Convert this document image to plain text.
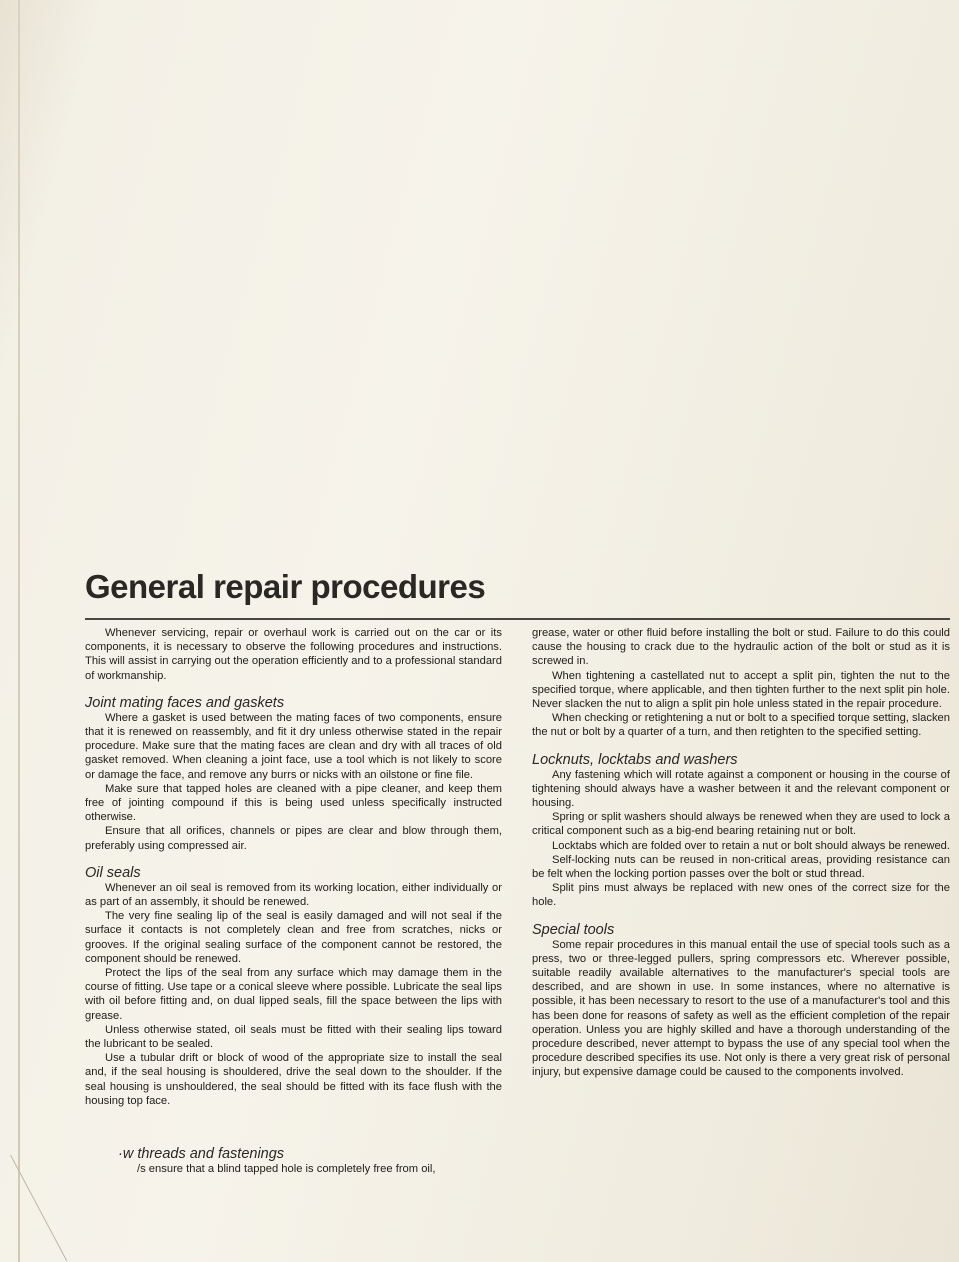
General repair procedures

Whenever servicing, repair or overhaul work is carried out on the car or its components, it is necessary to observe the following procedures and instructions. This will assist in carrying out the operation efficiently and to a professional standard of workmanship.

Joint mating faces and gaskets

Where a gasket is used between the mating faces of two components, ensure that it is renewed on reassembly, and fit it dry unless otherwise stated in the repair procedure. Make sure that the mating faces are clean and dry with all traces of old gasket removed. When cleaning a joint face, use a tool which is not likely to score or damage the face, and remove any burrs or nicks with an oilstone or fine file.

Make sure that tapped holes are cleaned with a pipe cleaner, and keep them free of jointing compound if this is being used unless specifically instructed otherwise.

Ensure that all orifices, channels or pipes are clear and blow through them, preferably using compressed air.

Oil seals

Whenever an oil seal is removed from its working location, either individually or as part of an assembly, it should be renewed.

The very fine sealing lip of the seal is easily damaged and will not seal if the surface it contacts is not completely clean and free from scratches, nicks or grooves. If the original sealing surface of the component cannot be restored, the component should be renewed.

Protect the lips of the seal from any surface which may damage them in the course of fitting. Use tape or a conical sleeve where possible. Lubricate the seal lips with oil before fitting and, on dual lipped seals, fill the space between the lips with grease.

Unless otherwise stated, oil seals must be fitted with their sealing lips toward the lubricant to be sealed.

Use a tubular drift or block of wood of the appropriate size to install the seal and, if the seal housing is shouldered, drive the seal down to the shoulder. If the seal housing is unshouldered, the seal should be fitted with its face flush with the housing top face.

·w threads and fastenings

/s ensure that a blind tapped hole is completely free from oil,

grease, water or other fluid before installing the bolt or stud. Failure to do this could cause the housing to crack due to the hydraulic action of the bolt or stud as it is screwed in.

When tightening a castellated nut to accept a split pin, tighten the nut to the specified torque, where applicable, and then tighten further to the next split pin hole. Never slacken the nut to align a split pin hole unless stated in the repair procedure.

When checking or retightening a nut or bolt to a specified torque setting, slacken the nut or bolt by a quarter of a turn, and then retighten to the specified setting.

Locknuts, locktabs and washers

Any fastening which will rotate against a component or housing in the course of tightening should always have a washer between it and the relevant component or housing.

Spring or split washers should always be renewed when they are used to lock a critical component such as a big-end bearing retaining nut or bolt.

Locktabs which are folded over to retain a nut or bolt should always be renewed.

Self-locking nuts can be reused in non-critical areas, providing resistance can be felt when the locking portion passes over the bolt or stud thread.

Split pins must always be replaced with new ones of the correct size for the hole.

Special tools

Some repair procedures in this manual entail the use of special tools such as a press, two or three-legged pullers, spring compressors etc. Wherever possible, suitable readily available alternatives to the manufacturer's special tools are described, and are shown in use. In some instances, where no alternative is possible, it has been necessary to resort to the use of a manufacturer's tool and this has been done for reasons of safety as well as the efficient completion of the repair operation. Unless you are highly skilled and have a thorough understanding of the procedure described, never attempt to bypass the use of any special tool when the procedure described specifies its use. Not only is there a very great risk of personal injury, but expensive damage could be caused to the components involved.
